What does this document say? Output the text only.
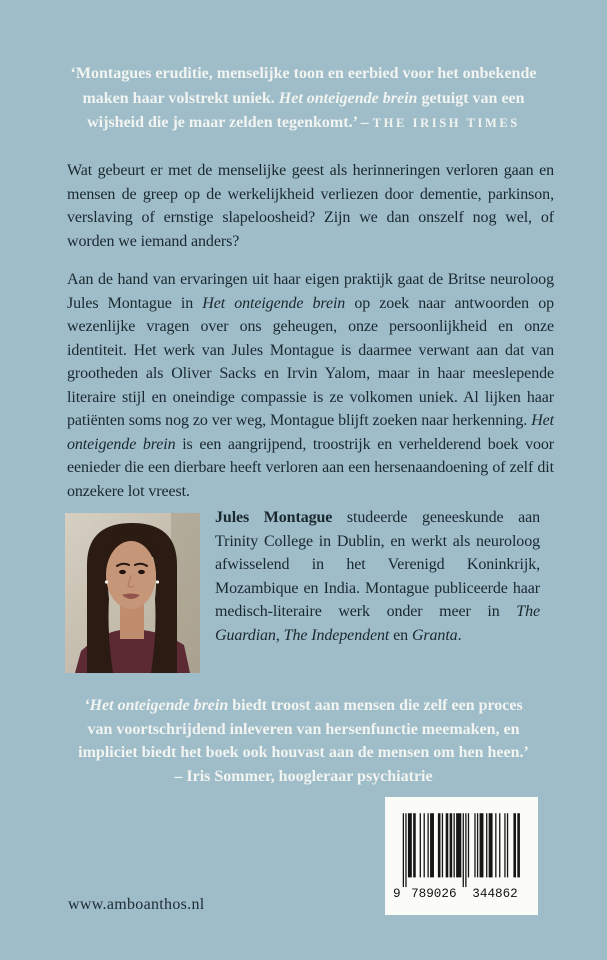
‘Montagues eruditie, menselijke toon en eerbied voor het onbekende
maken haar volstrekt uniek. Het onteigende brein getuigt van een
wijsheid die je maar zelden tegenkomt.’ – THE IRISH TIMES

Wat gebeurt er met de menselijke geest als herinneringen verloren gaan en mensen de greep op de werkelijkheid verliezen door dementie, parkinson, verslaving of ernstige slapeloosheid? Zijn we dan onszelf nog wel, of worden we iemand anders?

Aan de hand van ervaringen uit haar eigen praktijk gaat de Britse neuroloog Jules Montague in Het onteigende brein op zoek naar antwoorden op wezenlijke vragen over ons geheugen, onze persoonlijkheid en onze identiteit. Het werk van Jules Montague is daarmee verwant aan dat van grootheden als Oliver Sacks en Irvin Yalom, maar in haar meeslepende literaire stijl en oneindige compassie is ze volkomen uniek. Al lijken haar patiënten soms nog zo ver weg, Montague blijft zoeken naar herkenning. Het onteigende brein is een aangrijpend, troostrijk en verhelderend boek voor eenieder die een dierbare heeft verloren aan een hersenaandoening of zelf dit onzekere lot vreest.

Jules Montague studeerde geneeskunde aan Trinity College in Dublin, en werkt als neuroloog afwisselend in het Verenigd Koninkrijk, Mozambique en India. Montague publiceerde haar medisch-literaire werk onder meer in The Guardian, The Independent en Granta.
‘Het onteigende brein biedt troost aan mensen die zelf een proces
van voortschrijdend inleveren van hersenfunctie meemaken, en
impliciet biedt het boek ook houvast aan de mensen om hen heen.’
– Iris Sommer, hoogleraar psychiatrie
www.amboanthos.nl
9 789026 344862
